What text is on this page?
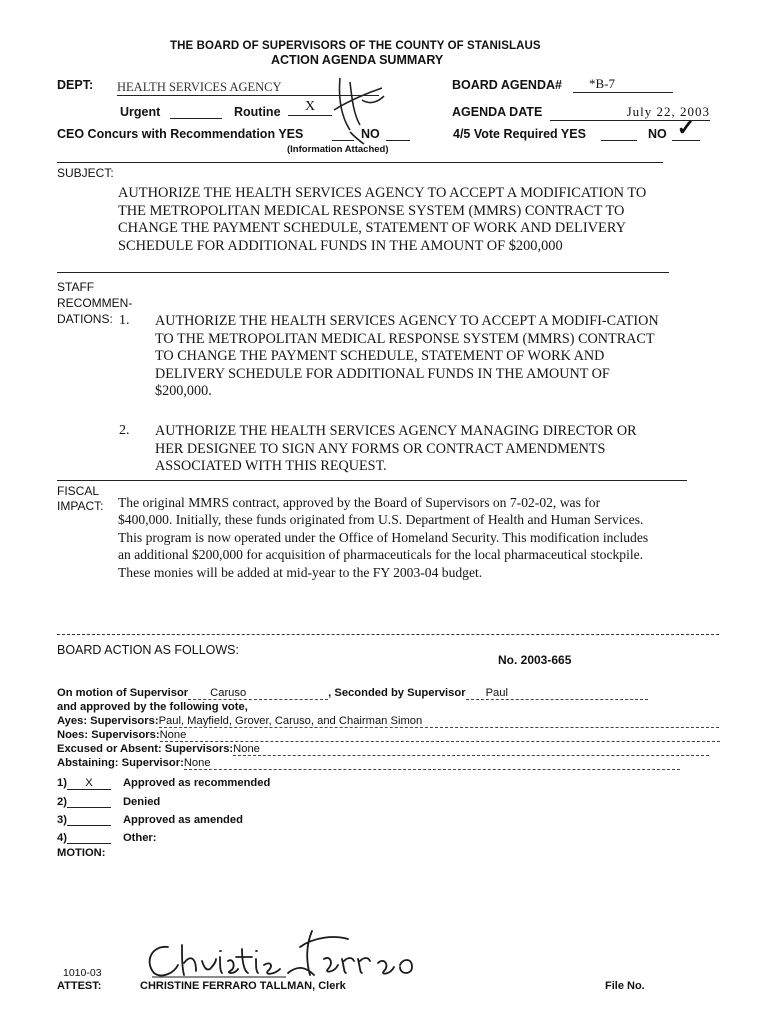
THE BOARD OF SUPERVISORS OF THE COUNTY OF STANISLAUS
ACTION AGENDA SUMMARY
DEPT: HEALTH SERVICES AGENCY	BOARD AGENDA#	*B-7
Urgent	Routine	X	AGENDA DATE	July 22, 2003
CEO Concurs with Recommendation YES	NO
(Information Attached)
4/5 Vote Required YES	NO ✓
SUBJECT:
AUTHORIZE THE HEALTH SERVICES AGENCY TO ACCEPT A MODIFICATION TO THE METROPOLITAN MEDICAL RESPONSE SYSTEM (MMRS) CONTRACT TO CHANGE THE PAYMENT SCHEDULE, STATEMENT OF WORK AND DELIVERY SCHEDULE FOR ADDITIONAL FUNDS IN THE AMOUNT OF $200,000
STAFF
RECOMMEN-
DATIONS: 1. AUTHORIZE THE HEALTH SERVICES AGENCY TO ACCEPT A MODIFI-CATION TO THE METROPOLITAN MEDICAL RESPONSE SYSTEM (MMRS) CONTRACT TO CHANGE THE PAYMENT SCHEDULE, STATEMENT OF WORK AND DELIVERY SCHEDULE FOR ADDITIONAL FUNDS IN THE AMOUNT OF $200,000.
2. AUTHORIZE THE HEALTH SERVICES AGENCY MANAGING DIRECTOR OR HER DESIGNEE TO SIGN ANY FORMS OR CONTRACT AMENDMENTS ASSOCIATED WITH THIS REQUEST.
FISCAL
IMPACT: The original MMRS contract, approved by the Board of Supervisors on 7-02-02, was for $400,000. Initially, these funds originated from U.S. Department of Health and Human Services. This program is now operated under the Office of Homeland Security. This modification includes an additional $200,000 for acquisition of pharmaceuticals for the local pharmaceutical stockpile. These monies will be added at mid-year to the FY 2003-04 budget.
BOARD ACTION AS FOLLOWS:
No. 2003-665
On motion of Supervisor Caruso	, Seconded by Supervisor Paul
and approved by the following vote,
Ayes: Supervisors:Paul, Mayfield, Grover, Caruso, and Chairman Simon
Noes: Supervisors:None
Excused or Absent: Supervisors:None
Abstaining: Supervisor:None
1) X	Approved as recommended
2)	Denied
3)	Approved as amended
4)	Other:
MOTION:
1010-03
ATTEST:	CHRISTINE FERRARO TALLMAN, Clerk	File No.
